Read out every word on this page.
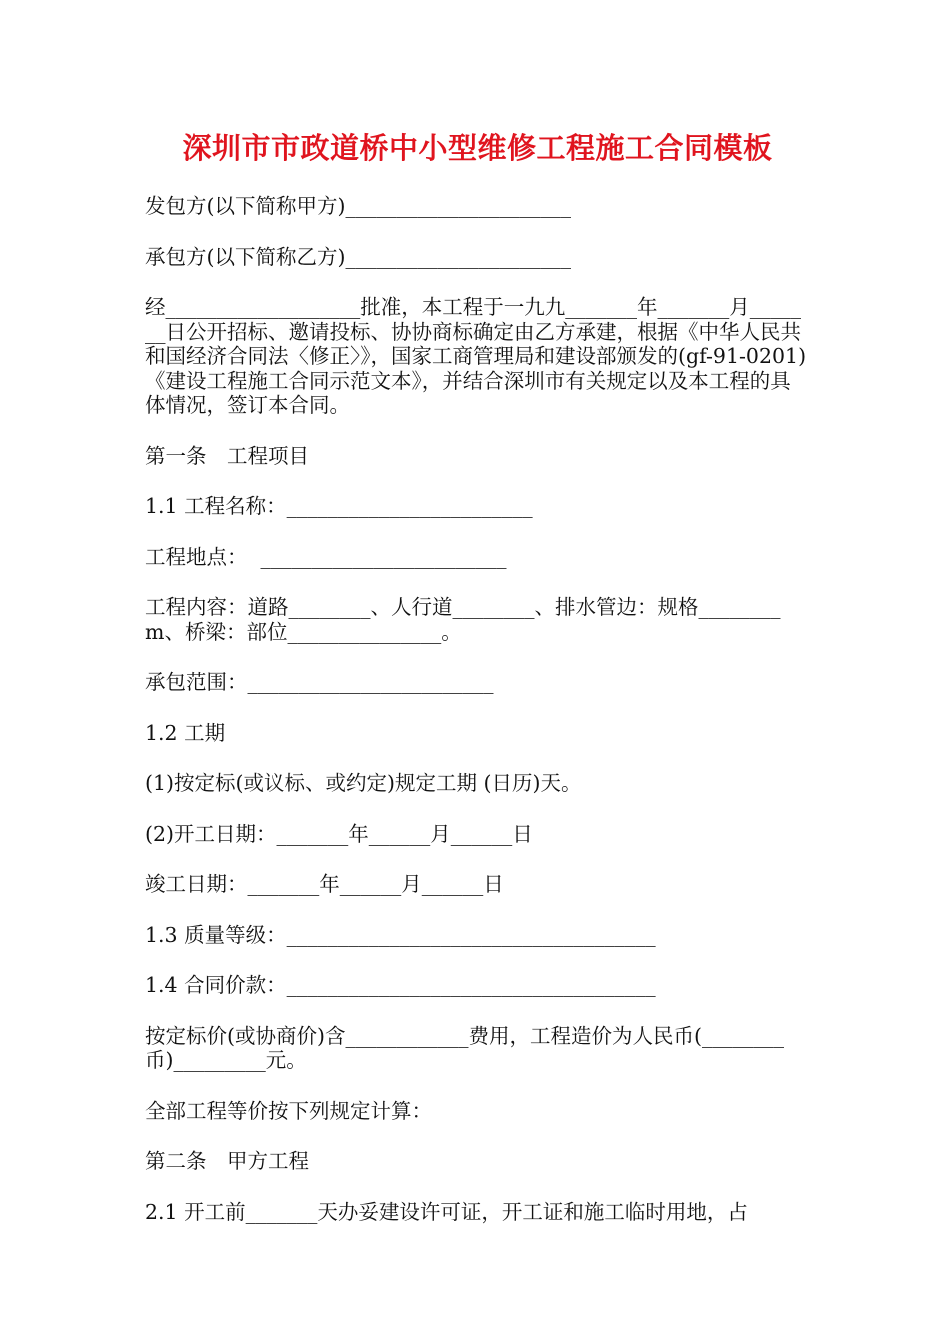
深圳市市政道桥中小型维修工程施工合同模板

发包方(以下简称甲方)______________________

承包方(以下简称乙方)______________________

经___________________批准，本工程于一九九_______年_______月_______日公开招标、邀请投标、协协商标确定由乙方承建，根据《中华人民共和国经济合同法〈修正〉》，国家工商管理局和建设部颁发的(gf-91-0201)《建设工程施工合同示范文本》，并结合深圳市有关规定以及本工程的具体情况，签订本合同。

第一条　工程项目

1.1 工程名称：________________________

工程地点：  ________________________

工程内容：道路________、人行道________、排水管边：规格________m、桥梁：部位_______________。

承包范围：________________________

1.2 工期

(1)按定标(或议标、或约定)规定工期 (日历)天。

(2)开工日期：_______年______月______日

竣工日期：_______年______月______日

1.3 质量等级：____________________________________

1.4 合同价款：____________________________________

按定标价(或协商价)含____________费用，工程造价为人民币(________币)_________元。

全部工程等价按下列规定计算：

第二条　甲方工程

2.1 开工前_______天办妥建设许可证，开工证和施工临时用地，占
